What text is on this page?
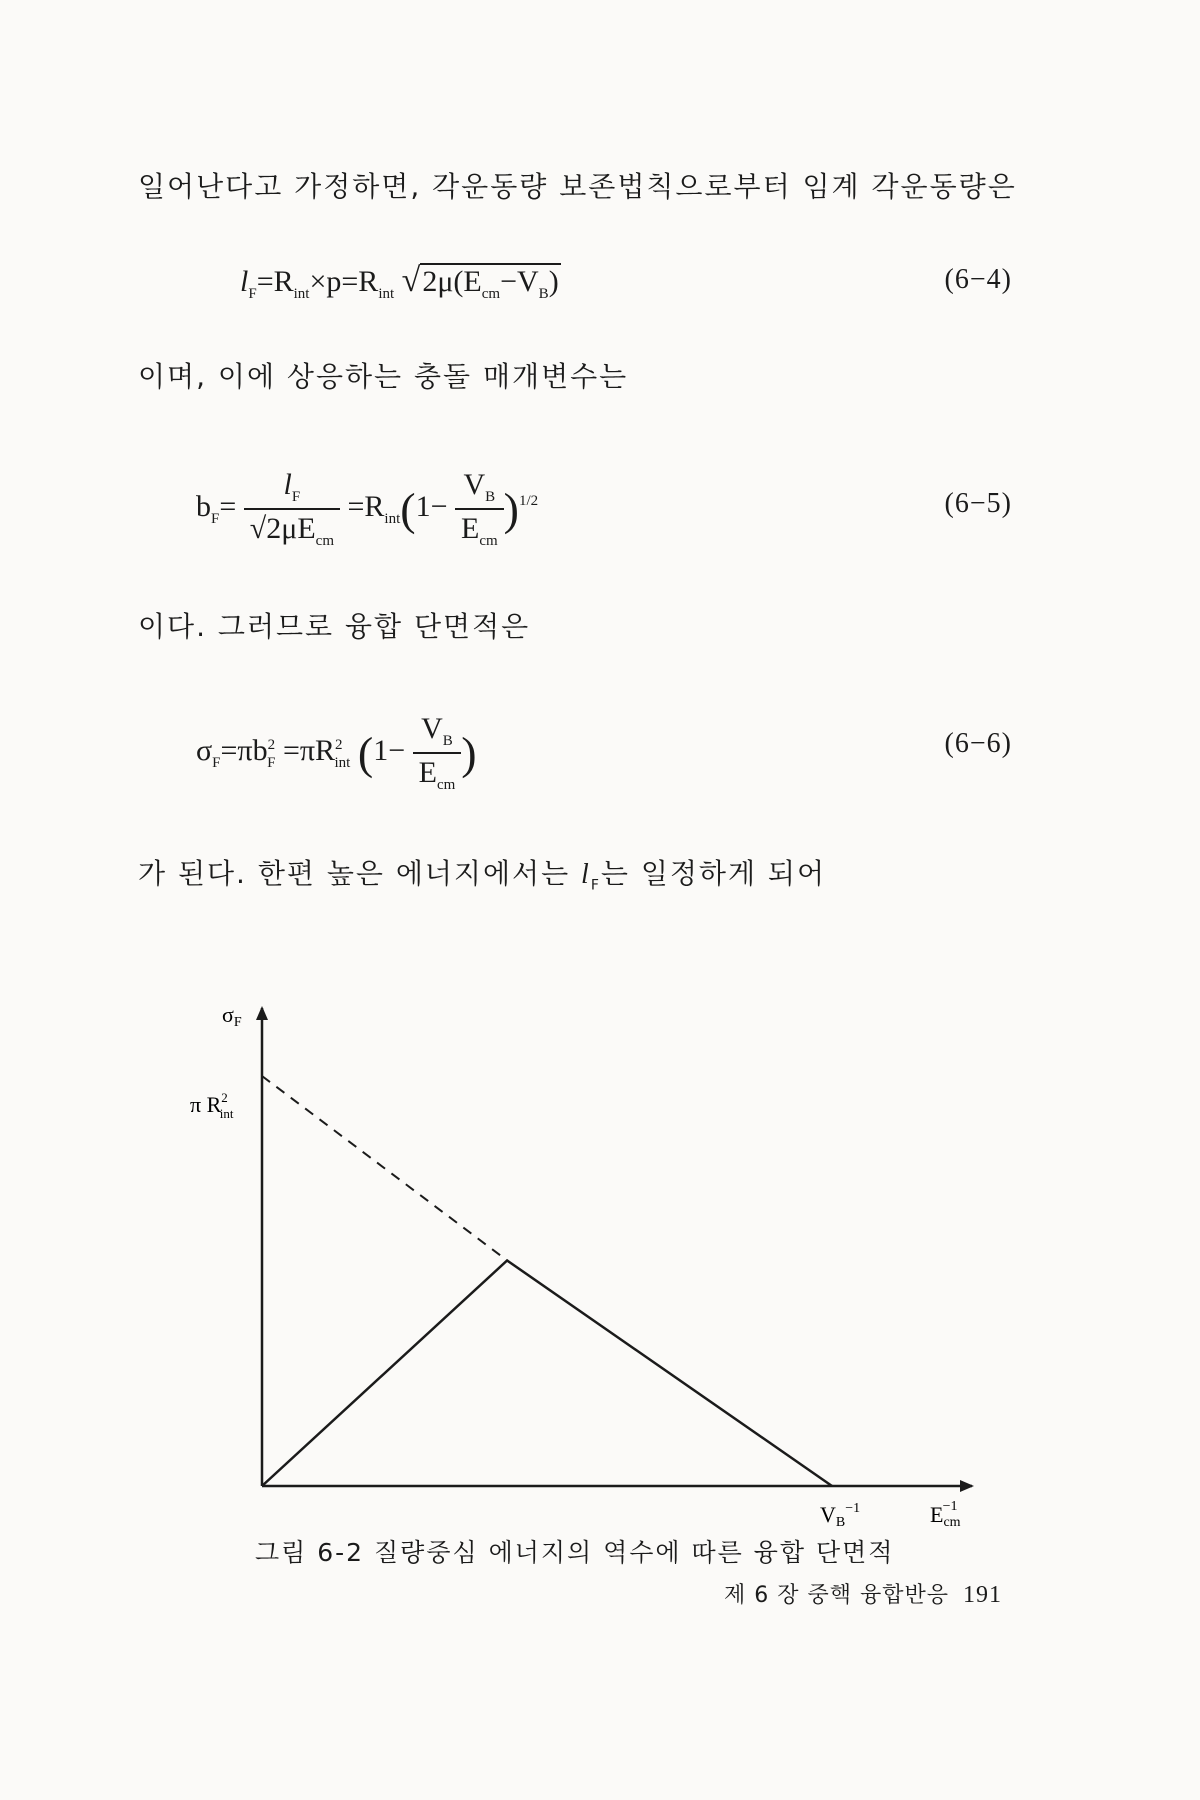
일어난다고 가정하면, 각운동량 보존법칙으로부터 임계 각운동량은

$l_F=R_{int}\times p=R_{int}$ $√2\mu(E_{cm}-V_B)$	(6−4)

이며, 이에 상응하는 충돌 매개변수는

$b_F= \frac{l_F}{√2\mu E_{cm}} =R_{int}(1- \frac{V_B}{E_{cm}} )^{1/2}$	(6−5)

이다. 그러므로 융합 단면적은

$\sigma_F=\pi b^2_F =\pi R^2_{int}$ ($1- \frac{V_B}{E_{cm}}$ )	(6−6)

가 된다. 한편 높은 에너지에서는 $l_F$는 일정하게 되어

σF
π $R^2$ int
$VB^{-1}$	Ecm−1
그림 6-2 질량중심 에너지의 역수에 따른 융합 단면적
제 6 장 중핵 융합반응 191
